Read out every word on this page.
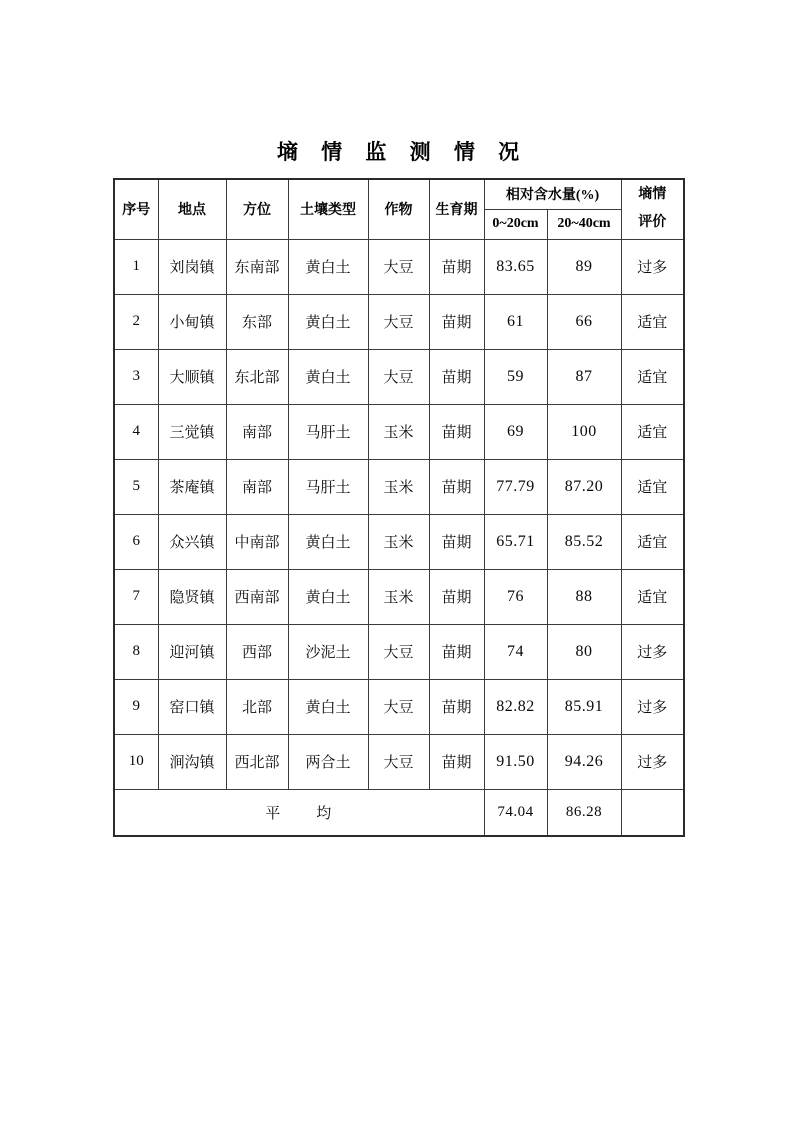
墒 情 监 测 情 况
序号	地点	方位	土壤类型	作物	生育期	相对含水量(%)		墒情
评价

						0~20cm	20~40cm	
1	刘岗镇	东南部	黄白土	大豆	苗期	83.65	89	过多
2	小甸镇	东部	黄白土	大豆	苗期	61	66	适宜
3	大顺镇	东北部	黄白土	大豆	苗期	59	87	适宜
4	三觉镇	南部	马肝土	玉米	苗期	69	100	适宜
5	茶庵镇	南部	马肝土	玉米	苗期	77.79	87.20	适宜
6	众兴镇	中南部	黄白土	玉米	苗期	65.71	85.52	适宜
7	隐贤镇	西南部	黄白土	玉米	苗期	76	88	适宜
8	迎河镇	西部	沙泥土	大豆	苗期	74	80	过多
9	窑口镇	北部	黄白土	大豆	苗期	82.82	85.91	过多
10	涧沟镇	西北部	两合土	大豆	苗期	91.50	94.26	过多
平　　均						74.04	86.28	
